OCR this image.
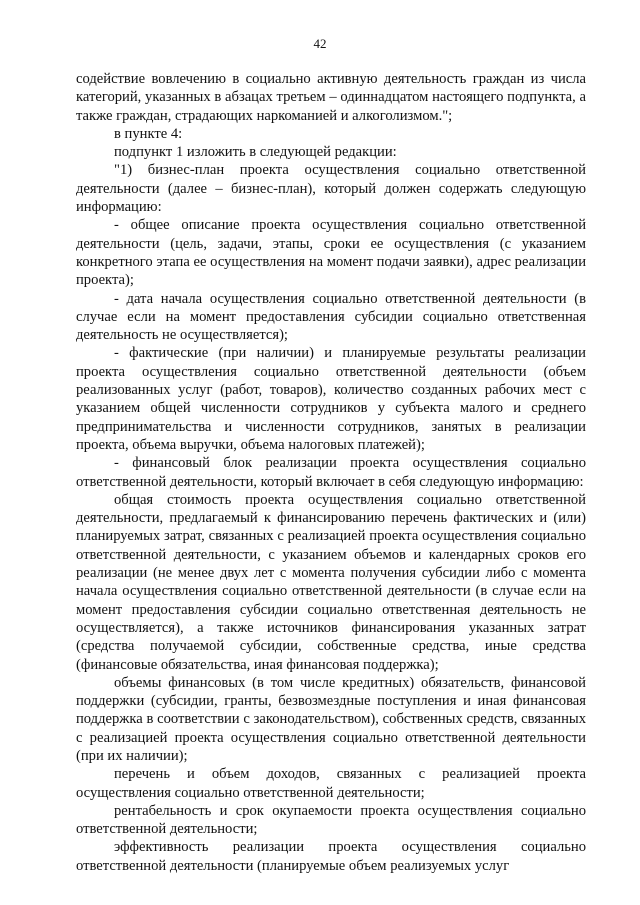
42

содействие вовлечению в социально активную деятельность граждан из числа категорий, указанных в абзацах третьем – одиннадцатом настоящего подпункта, а также граждан, страдающих наркоманией и алкоголизмом.";

в пункте 4:

подпункт 1 изложить в следующей редакции:

"1) бизнес-план проекта осуществления социально ответственной деятельности (далее – бизнес-план), который должен содержать следующую информацию:

- общее описание проекта осуществления социально ответственной деятельности (цель, задачи, этапы, сроки ее осуществления (с указанием конкретного этапа ее осуществления на момент подачи заявки), адрес реализации проекта);

- дата начала осуществления социально ответственной деятельности (в случае если на момент предоставления субсидии социально ответственная деятельность не осуществляется);

- фактические (при наличии) и планируемые результаты реализации проекта осуществления социально ответственной деятельности (объем реализованных услуг (работ, товаров), количество созданных рабочих мест с указанием общей численности сотрудников у субъекта малого и среднего предпринимательства и численности сотрудников, занятых в реализации проекта, объема выручки, объема налоговых платежей);

- финансовый блок реализации проекта осуществления социально ответственной деятельности, который включает в себя следующую информацию:

общая стоимость проекта осуществления социально ответственной деятельности, предлагаемый к финансированию перечень фактических и (или) планируемых затрат, связанных с реализацией проекта осуществления социально ответственной деятельности, с указанием объемов и календарных сроков его реализации (не менее двух лет с момента получения субсидии либо с момента начала осуществления социально ответственной деятельности (в случае если на момент предоставления субсидии социально ответственная деятельность не осуществляется), а также источников финансирования указанных затрат (средства получаемой субсидии, собственные средства, иные средства (финансовые обязательства, иная финансовая поддержка);

объемы финансовых (в том числе кредитных) обязательств, финансовой поддержки (субсидии, гранты, безвозмездные поступления и иная финансовая поддержка в соответствии с законодательством), собственных средств, связанных с реализацией проекта осуществления социально ответственной деятельности (при их наличии);

перечень и объем доходов, связанных с реализацией проекта осуществления социально ответственной деятельности;

рентабельность и срок окупаемости проекта осуществления социально ответственной деятельности;

эффективность реализации проекта осуществления социально ответственной деятельности (планируемые объем реализуемых услуг
